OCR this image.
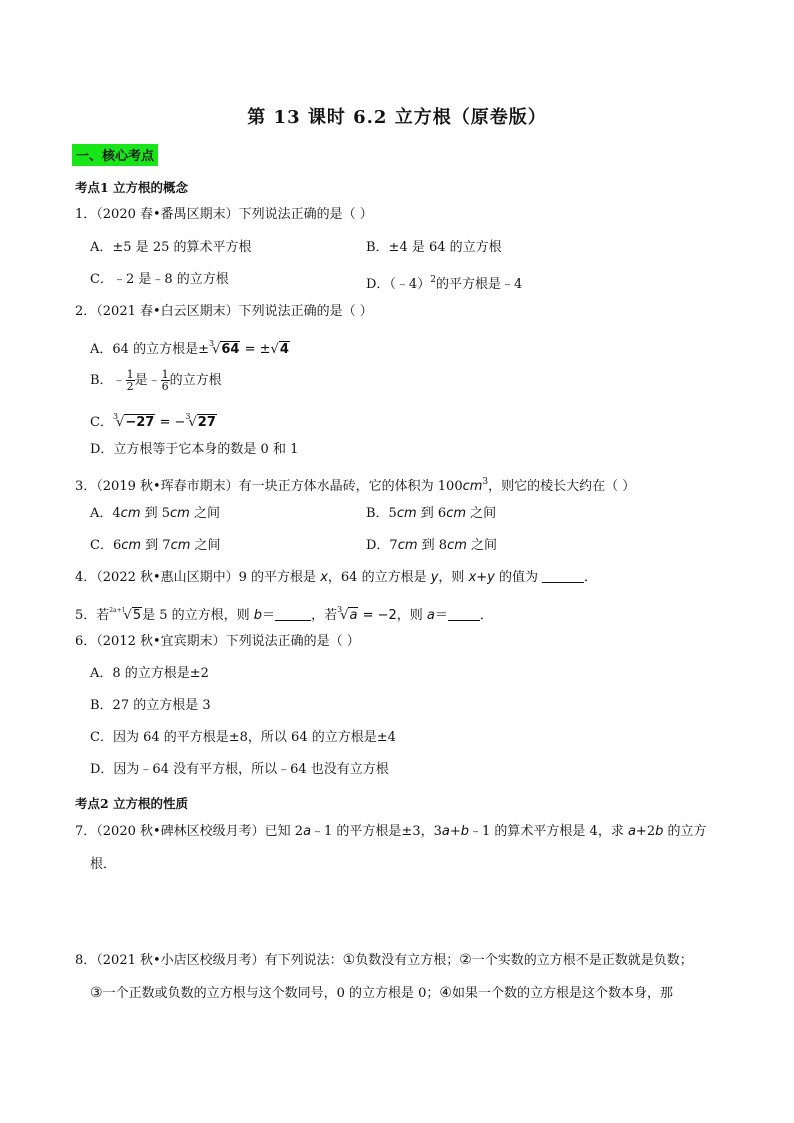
第 13 课时 6.2 立方根（原卷版）
一、核心考点
考点1 立方根的概念
1．（2020 春•番禺区期末）下列说法正确的是（ ）
A．±5 是 25 的算术平方根	B．±4 是 64 的立方根
C．﹣2 是﹣8 的立方根	D．（﹣4）$^2$的平方根是﹣4
2．（2021 春•白云区期末）下列说法正确的是（ ）
A．64 的立方根是±$^3$√64 = ±√4
B．﹣ $\frac{1}{2}$ 是﹣ $\frac{1}{6}$ 的立方根
C．$^3$√−27 = −$^3$√27
D．立方根等于它本身的数是 0 和 1
3．（2019 秋•珲春市期末）有一块正方体水晶砖，它的体积为 $100cm^3$，则它的棱长大约在（ ）
A．4cm 到 5cm 之间	B．5cm 到 6cm 之间
C．6cm 到 7cm 之间	D．7cm 到 8cm 之间
4．（2022 秋•惠山区期中）9 的平方根是 x，64 的立方根是 y，则 x+y 的值为	．
5．若$^{2a+1}$√5是 5 的立方根，则 b＝	，若$^3$√a = −2，则 a＝ ．
6．（2012 秋•宜宾期末）下列说法正确的是（ ）
A．8 的立方根是±2
B．27 的立方根是 3
C．因为 64 的平方根是±8，所以 64 的立方根是±4
D．因为﹣64 没有平方根，所以﹣64 也没有立方根
考点2 立方根的性质
7．（2020 秋•碑林区校级月考）已知 2a﹣1 的平方根是±3，3a+b﹣1 的算术平方根是 4，求 a+2b 的立方
根．
8．（2021 秋•小店区校级月考）有下列说法：①负数没有立方根；②一个实数的立方根不是正数就是负数；
③一个正数或负数的立方根与这个数同号，0 的立方根是 0；④如果一个数的立方根是这个数本身，那
